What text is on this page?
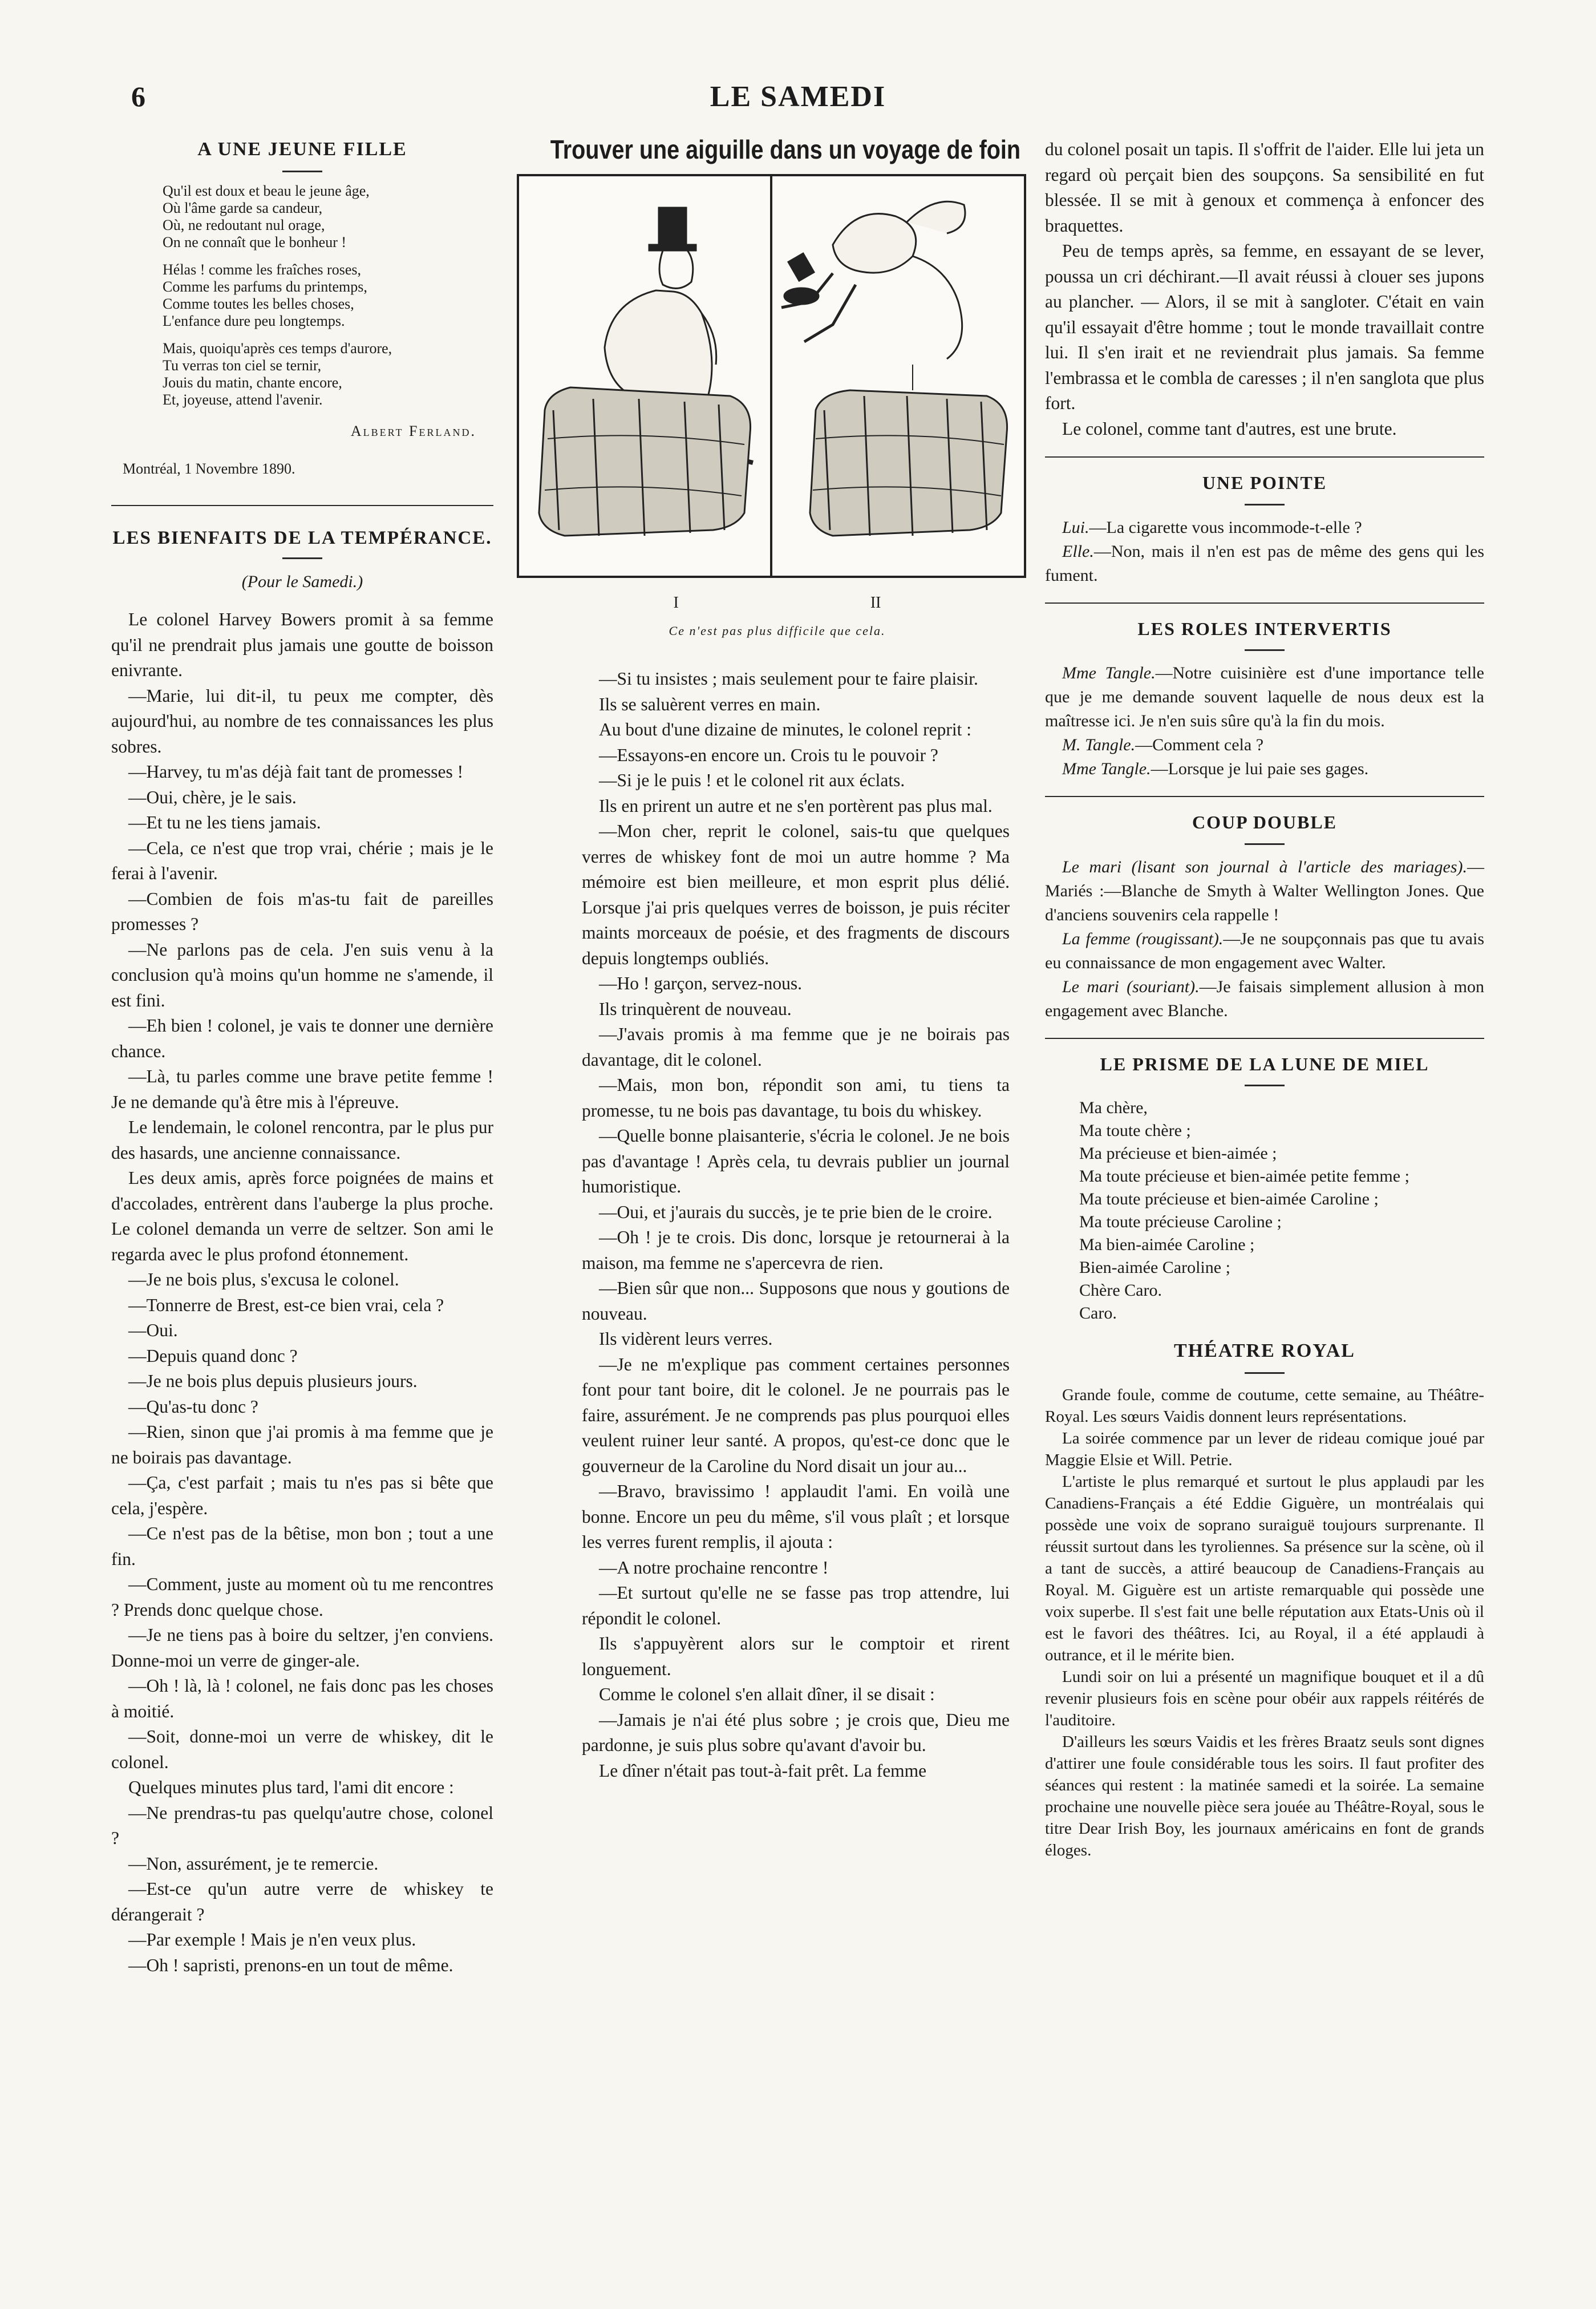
6	LE SAMEDI
A UNE JEUNE FILLE
Qu'il est doux et beau le jeune âge,
Où l'âme garde sa candeur,
Où, ne redoutant nul orage,
On ne connaît que le bonheur !
Hélas ! comme les fraîches roses,
Comme les parfums du printemps,
Comme toutes les belles choses,
L'enfance dure peu longtemps.
Mais, quoiqu'après ces temps d'aurore,
Tu verras ton ciel se ternir,
Jouis du matin, chante encore,
Et, joyeuse, attend l'avenir.
Albert Ferland.
Montréal, 1 Novembre 1890.
LES BIENFAITS DE LA TEMPÉRANCE.
(Pour le Samedi.)

Le colonel Harvey Bowers promit à sa femme qu'il ne prendrait plus jamais une goutte de boisson enivrante.

—Marie, lui dit-il, tu peux me compter, dès aujourd'hui, au nombre de tes connaissances les plus sobres.

—Harvey, tu m'as déjà fait tant de promesses !

—Oui, chère, je le sais.

—Et tu ne les tiens jamais.

—Cela, ce n'est que trop vrai, chérie ; mais je le ferai à l'avenir.

—Combien de fois m'as-tu fait de pareilles promesses ?

—Ne parlons pas de cela. J'en suis venu à la conclusion qu'à moins qu'un homme ne s'amende, il est fini.

—Eh bien ! colonel, je vais te donner une dernière chance.

—Là, tu parles comme une brave petite femme ! Je ne demande qu'à être mis à l'épreuve.

Le lendemain, le colonel rencontra, par le plus pur des hasards, une ancienne connaissance.

Les deux amis, après force poignées de mains et d'accolades, entrèrent dans l'auberge la plus proche. Le colonel demanda un verre de seltzer. Son ami le regarda avec le plus profond étonnement.

—Je ne bois plus, s'excusa le colonel.

—Tonnerre de Brest, est-ce bien vrai, cela ?

—Oui.

—Depuis quand donc ?

—Je ne bois plus depuis plusieurs jours.

—Qu'as-tu donc ?

—Rien, sinon que j'ai promis à ma femme que je ne boirais pas davantage.

—Ça, c'est parfait ; mais tu n'es pas si bête que cela, j'espère.

—Ce n'est pas de la bêtise, mon bon ; tout a une fin.

—Comment, juste au moment où tu me rencontres ? Prends donc quelque chose.

—Je ne tiens pas à boire du seltzer, j'en conviens. Donne-moi un verre de ginger-ale.

—Oh ! là, là ! colonel, ne fais donc pas les choses à moitié.

—Soit, donne-moi un verre de whiskey, dit le colonel.

Quelques minutes plus tard, l'ami dit encore :

—Ne prendras-tu pas quelqu'autre chose, colonel ?

—Non, assurément, je te remercie.

—Est-ce qu'un autre verre de whiskey te dérangerait ?

—Par exemple ! Mais je n'en veux plus.

—Oh ! sapristi, prenons-en un tout de même.

Trouver une aiguille dans un voyage de foin
I	II
Ce n'est pas plus difficile que cela.

—Si tu insistes ; mais seulement pour te faire plaisir.

Ils se saluèrent verres en main.

Au bout d'une dizaine de minutes, le colonel reprit :

—Essayons-en encore un. Crois tu le pouvoir ?

—Si je le puis ! et le colonel rit aux éclats.

Ils en prirent un autre et ne s'en portèrent pas plus mal.

—Mon cher, reprit le colonel, sais-tu que quelques verres de whiskey font de moi un autre homme ? Ma mémoire est bien meilleure, et mon esprit plus délié. Lorsque j'ai pris quelques verres de boisson, je puis réciter maints morceaux de poésie, et des fragments de discours depuis longtemps oubliés.

—Ho ! garçon, servez-nous.

Ils trinquèrent de nouveau.

—J'avais promis à ma femme que je ne boirais pas davantage, dit le colonel.

—Mais, mon bon, répondit son ami, tu tiens ta promesse, tu ne bois pas davantage, tu bois du whiskey.

—Quelle bonne plaisanterie, s'écria le colonel. Je ne bois pas d'avantage ! Après cela, tu devrais publier un journal humoristique.

—Oui, et j'aurais du succès, je te prie bien de le croire.

—Oh ! je te crois. Dis donc, lorsque je retournerai à la maison, ma femme ne s'apercevra de rien.

—Bien sûr que non... Supposons que nous y goutions de nouveau.

Ils vidèrent leurs verres.

—Je ne m'explique pas comment certaines personnes font pour tant boire, dit le colonel. Je ne pourrais pas le faire, assurément. Je ne comprends pas plus pourquoi elles veulent ruiner leur santé. A propos, qu'est-ce donc que le gouverneur de la Caroline du Nord disait un jour au...

—Bravo, bravissimo ! applaudit l'ami. En voilà une bonne. Encore un peu du même, s'il vous plaît ; et lorsque les verres furent remplis, il ajouta :

—A notre prochaine rencontre !

—Et surtout qu'elle ne se fasse pas trop attendre, lui répondit le colonel.

Ils s'appuyèrent alors sur le comptoir et rirent longuement.

Comme le colonel s'en allait dîner, il se disait :

—Jamais je n'ai été plus sobre ; je crois que, Dieu me pardonne, je suis plus sobre qu'avant d'avoir bu.

Le dîner n'était pas tout-à-fait prêt. La femme

du colonel posait un tapis. Il s'offrit de l'aider. Elle lui jeta un regard où perçait bien des soupçons. Sa sensibilité en fut blessée. Il se mit à genoux et commença à enfoncer des braquettes.

Peu de temps après, sa femme, en essayant de se lever, poussa un cri déchirant.—Il avait réussi à clouer ses jupons au plancher. — Alors, il se mit à sangloter. C'était en vain qu'il essayait d'être homme ; tout le monde travaillait contre lui. Il s'en irait et ne reviendrait plus jamais. Sa femme l'embrassa et le combla de caresses ; il n'en sanglota que plus fort.

Le colonel, comme tant d'autres, est une brute.

UNE POINTE

Lui.—La cigarette vous incommode-t-elle ?

Elle.—Non, mais il n'en est pas de même des gens qui les fument.

LES ROLES INTERVERTIS

Mme Tangle.—Notre cuisinière est d'une importance telle que je me demande souvent laquelle de nous deux est la maîtresse ici. Je n'en suis sûre qu'à la fin du mois.

M. Tangle.—Comment cela ?

Mme Tangle.—Lorsque je lui paie ses gages.

COUP DOUBLE

Le mari (lisant son journal à l'article des mariages).—Mariés :—Blanche de Smyth à Walter Wellington Jones. Que d'anciens souvenirs cela rappelle !

La femme (rougissant).—Je ne soupçonnais pas que tu avais eu connaissance de mon engagement avec Walter.

Le mari (souriant).—Je faisais simplement allusion à mon engagement avec Blanche.

LE PRISME DE LA LUNE DE MIEL
Ma chère,
Ma toute chère ;
Ma précieuse et bien-aimée ;
Ma toute précieuse et bien-aimée petite femme ;
Ma toute précieuse et bien-aimée Caroline ;
Ma toute précieuse Caroline ;
Ma bien-aimée Caroline ;
Bien-aimée Caroline ;
Chère Caro.
Caro.
THÉATRE ROYAL

Grande foule, comme de coutume, cette semaine, au Théâtre-Royal. Les sœurs Vaidis donnent leurs représentations.

La soirée commence par un lever de rideau comique joué par Maggie Elsie et Will. Petrie.

L'artiste le plus remarqué et surtout le plus applaudi par les Canadiens-Français a été Eddie Giguère, un montréalais qui possède une voix de soprano suraiguë toujours surprenante. Il réussit surtout dans les tyroliennes. Sa présence sur la scène, où il a tant de succès, a attiré beaucoup de Canadiens-Français au Royal. M. Giguère est un artiste remarquable qui possède une voix superbe. Il s'est fait une belle réputation aux Etats-Unis où il est le favori des théâtres. Ici, au Royal, il a été applaudi à outrance, et il le mérite bien.

Lundi soir on lui a présenté un magnifique bouquet et il a dû revenir plusieurs fois en scène pour obéir aux rappels réitérés de l'auditoire.

D'ailleurs les sœurs Vaidis et les frères Braatz seuls sont dignes d'attirer une foule considérable tous les soirs. Il faut profiter des séances qui restent : la matinée samedi et la soirée. La semaine prochaine une nouvelle pièce sera jouée au Théâtre-Royal, sous le titre Dear Irish Boy, les journaux américains en font de grands éloges.
